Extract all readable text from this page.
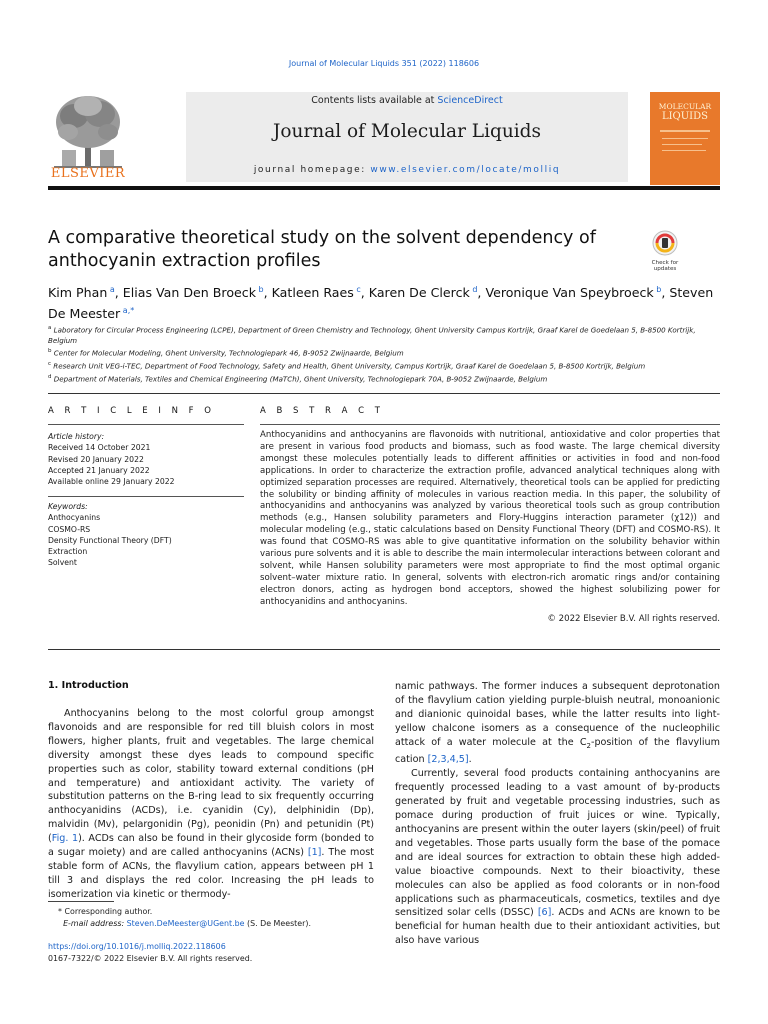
Journal of Molecular Liquids 351 (2022) 118606
ELSEVIER
Contents lists available at ScienceDirect
Journal of Molecular Liquids
journal homepage: www.elsevier.com/locate/molliq
MOLECULAR
LIQUIDS
A comparative theoretical study on the solvent dependency of anthocyanin extraction profiles	Check for updates
Kim Phan $^a$, Elias Van Den Broeck $^b$, Katleen Raes $^c$, Karen De Clerck $^d$, Veronique Van Speybroeck $^b$, Steven De Meester $^{a,*}$
$^a$ Laboratory for Circular Process Engineering (LCPE), Department of Green Chemistry and Technology, Ghent University Campus Kortrijk, Graaf Karel de Goedelaan 5, B-8500 Kortrijk, Belgium
$^b$ Center for Molecular Modeling, Ghent University, Technologiepark 46, B-9052 Zwijnaarde, Belgium
$^c$ Research Unit VEG-i-TEC, Department of Food Technology, Safety and Health, Ghent University, Campus Kortrijk, Graaf Karel de Goedelaan 5, B-8500 Kortrijk, Belgium
$^d$ Department of Materials, Textiles and Chemical Engineering (MaTCh), Ghent University, Technologiepark 70A, B-9052 Zwijnaarde, Belgium
A R T I C L E I N F O	A B S T R A C T
Article history:
Received 14 October 2021
Revised 20 January 2022
Accepted 21 January 2022
Available online 29 January 2022
Keywords:
Anthocyanins
COSMO-RS
Density Functional Theory (DFT)
Extraction
Solvent
Anthocyanidins and anthocyanins are flavonoids with nutritional, antioxidative and color properties that are present in various food products and biomass, such as food waste. The large chemical diversity amongst these molecules potentially leads to different affinities or activities in food and non-food applications. In order to characterize the extraction profile, advanced analytical techniques along with optimized separation processes are required. Alternatively, theoretical tools can be applied for predicting the solubility or binding affinity of molecules in various reaction media. In this paper, the solubility of anthocyanidins and anthocyanins was analyzed by various theoretical tools such as group contribution methods (e.g., Hansen solubility parameters and Flory-Huggins interaction parameter (χ12)) and molecular modeling (e.g., static calculations based on Density Functional Theory (DFT) and COSMO-RS). It was found that COSMO-RS was able to give quantitative information on the solubility behavior within various pure solvents and it is able to describe the main intermolecular interactions between colorant and solvent, while Hansen solubility parameters were most appropriate to find the most optimal organic solvent–water mixture ratio. In general, solvents with electron-rich aromatic rings and/or containing electron donors, acting as hydrogen bond acceptors, showed the highest solubilizing power for anthocyanidins and anthocyanins.
© 2022 Elsevier B.V. All rights reserved.
1. Introduction
Anthocyanins belong to the most colorful group amongst flavonoids and are responsible for red till bluish colors in most flowers, higher plants, fruit and vegetables. The large chemical diversity amongst these dyes leads to compound specific properties such as color, stability toward external conditions (pH and temperature) and antioxidant activity. The variety of substitution patterns on the B-ring lead to six frequently occurring anthocyanidins (ACDs), i.e. cyanidin (Cy), delphinidin (Dp), malvidin (Mv), pelargonidin (Pg), peonidin (Pn) and petunidin (Pt) (Fig. 1). ACDs can also be found in their glycoside form (bonded to a sugar moiety) and are called anthocyanins (ACNs) [1]. The most stable form of ACNs, the flavylium cation, appears between pH 1 till 3 and displays the red color. Increasing the pH leads to isomerization via kinetic or thermody-

namic pathways. The former induces a subsequent deprotonation of the flavylium cation yielding purple-bluish neutral, monoanionic and dianionic quinoidal bases, while the latter results into light-yellow chalcone isomers as a consequence of the nucleophilic attack of a water molecule at the $C_2$-position of the flavylium cation [2,3,4,5].

Currently, several food products containing anthocyanins are frequently processed leading to a vast amount of by-products generated by fruit and vegetable processing industries, such as pomace during production of fruit juices or wine. Typically, anthocyanins are present within the outer layers (skin/peel) of fruit and vegetables. Those parts usually form the base of the pomace and are ideal sources for extraction to obtain these high added-value bioactive compounds. Next to their bioactivity, these molecules can also be applied as food colorants or in non-food applications such as pharmaceuticals, cosmetics, textiles and dye sensitized solar cells (DSSC) [6]. ACDs and ACNs are known to be beneficial for human health due to their antioxidant activities, but also have various

* Corresponding author.
E-mail address: Steven.DeMeester@UGent.be (S. De Meester).
https://doi.org/10.1016/j.molliq.2022.118606
0167-7322/© 2022 Elsevier B.V. All rights reserved.
